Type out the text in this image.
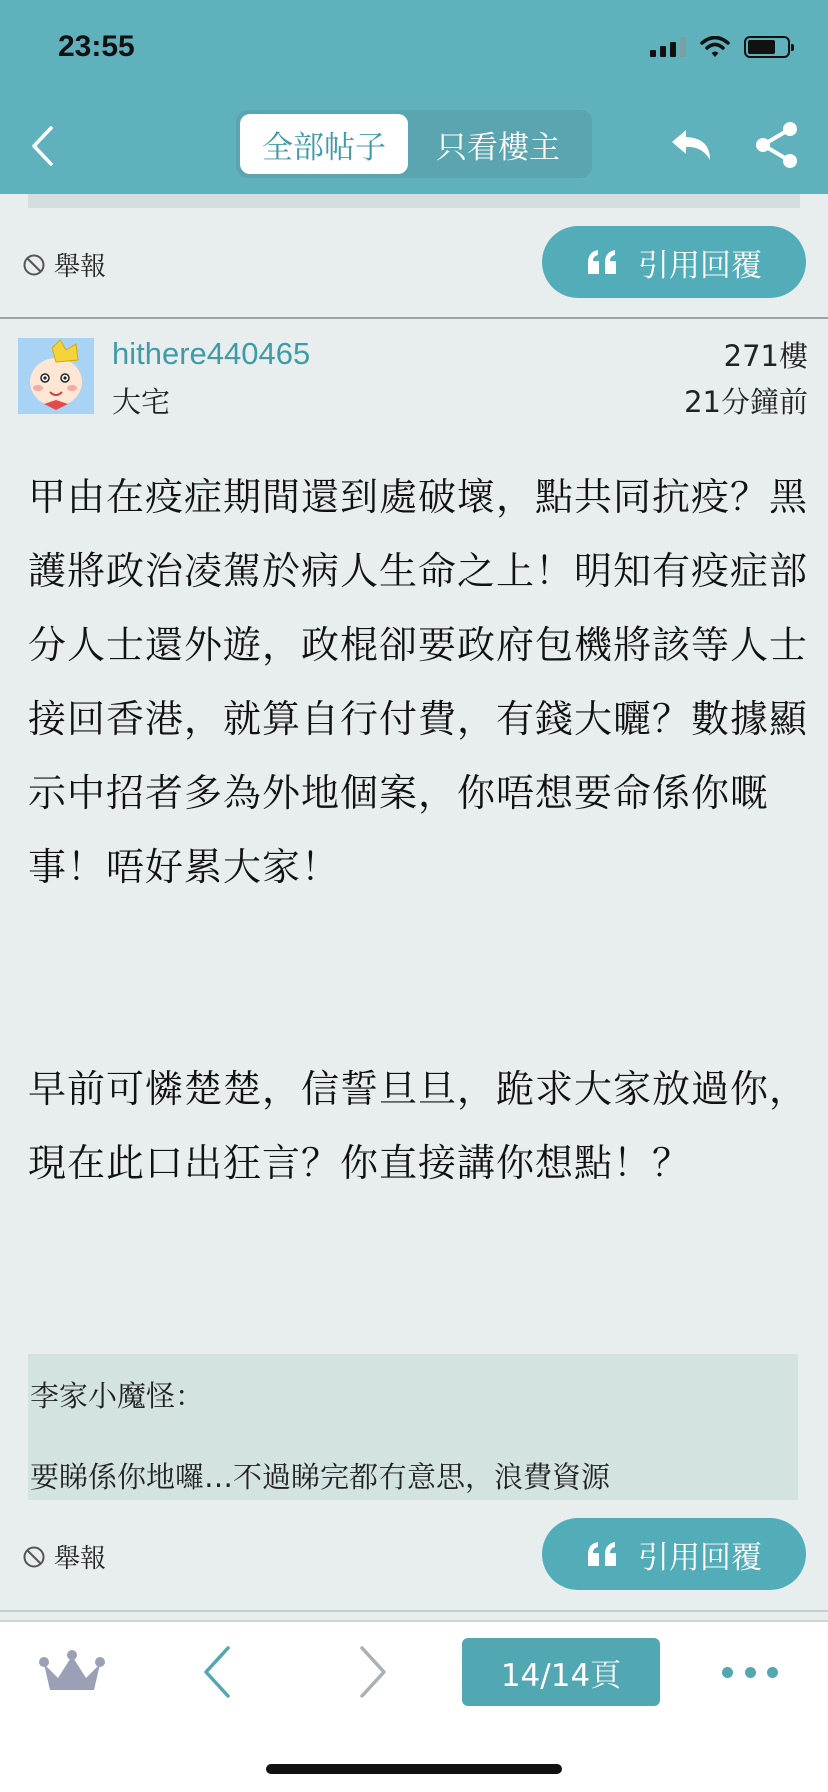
23:55
全部帖子	只看樓主
舉報	引用回覆
hithere440465
大宅
271樓
21分鐘前

甲由在疫症期間還到處破壞，點共同抗疫？黑護將政治凌駕於病人生命之上！明知有疫症部分人士還外遊，政棍卻要政府包機將該等人士接回香港，就算自行付費，有錢大曬？數據顯示中招者多為外地個案，你唔想要命係你嘅事！唔好累大家！

早前可憐楚楚，信誓旦旦，跪求大家放過你，現在此口出狂言？你直接講你想點！？

李家小魔怪：
要睇係你地囉…不過睇完都冇意思，浪費資源
舉報	引用回覆
14/14頁
